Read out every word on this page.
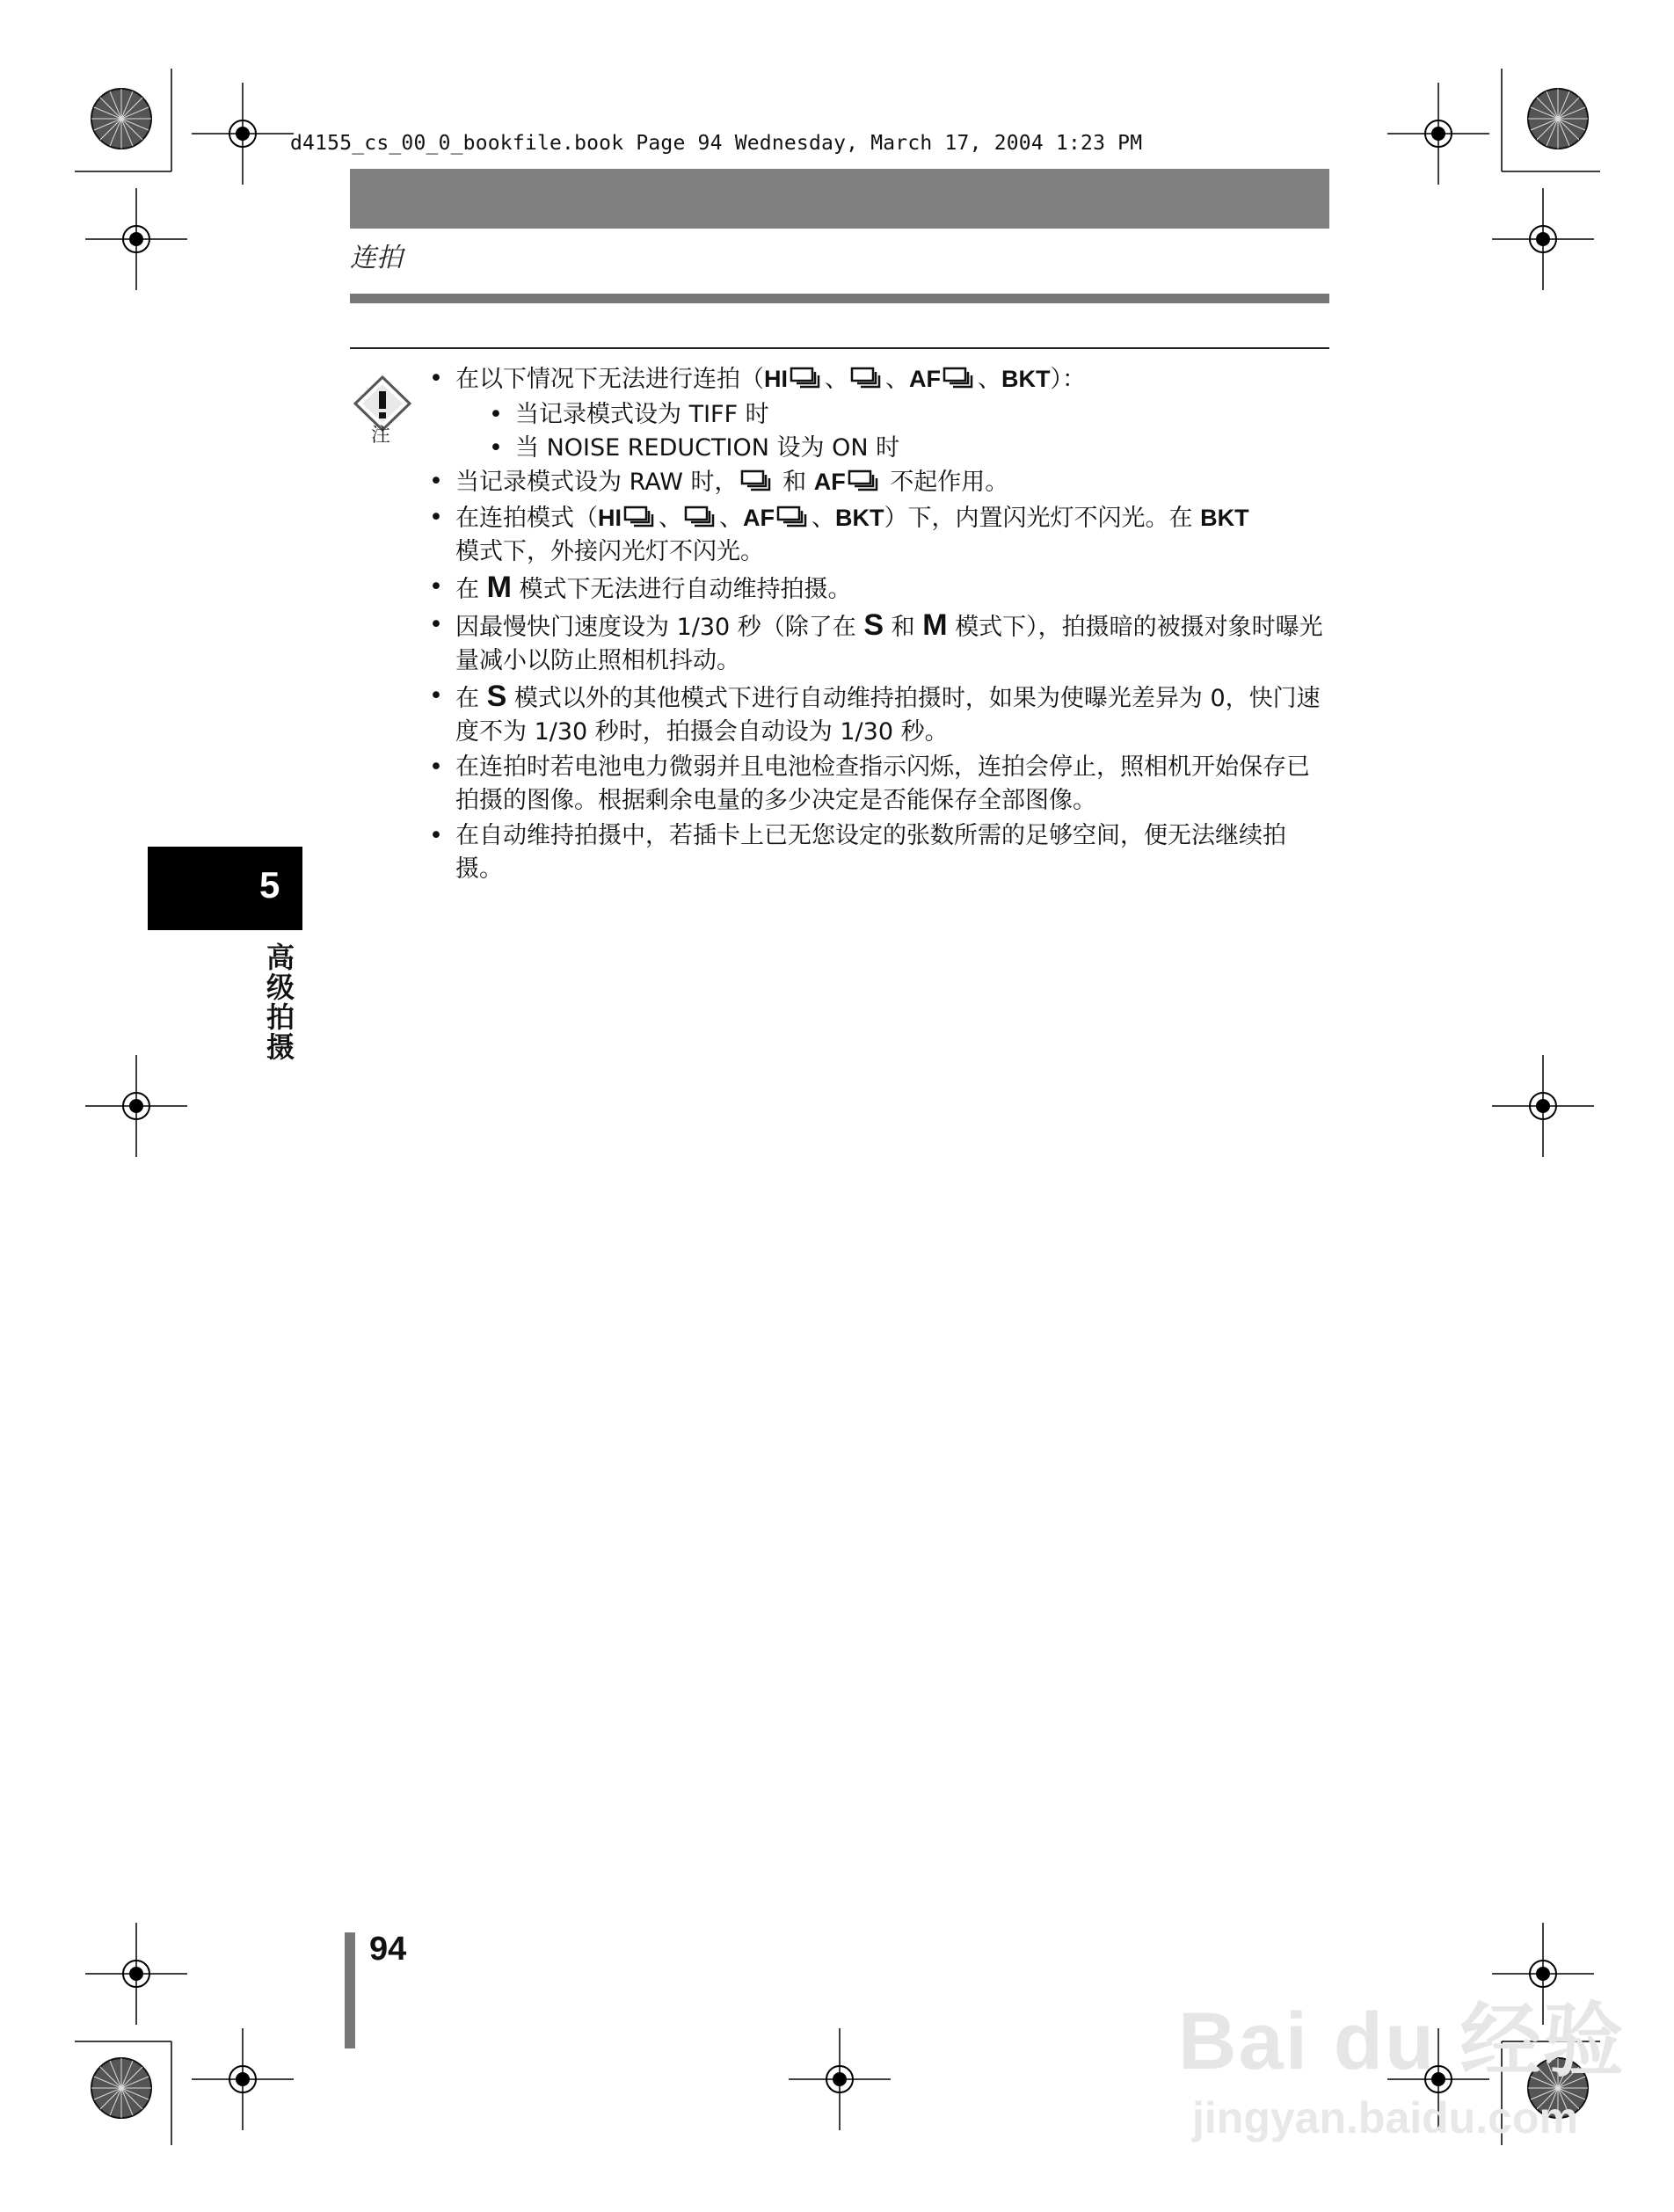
d4155_cs_00_0_bookfile.book Page 94 Wednesday, March 17, 2004 1:23 PM
连拍
注
• 在以下情况下无法进行连拍（HI 、 、AF 、BKT）：
• 当记录模式设为 TIFF 时
• 当 NOISE REDUCTION 设为 ON 时
• 当记录模式设为 RAW 时， 和 AF 不起作用。
• 在连拍模式（HI 、 、AF 、BKT）下，内置闪光灯不闪光。在 BKT
模式下，外接闪光灯不闪光。
• 在 M 模式下无法进行自动维持拍摄。
• 因最慢快门速度设为 1/30 秒（除了在 S 和 M 模式下），拍摄暗的被摄对象时曝光量减小以防止照相机抖动。
• 在 S 模式以外的其他模式下进行自动维持拍摄时，如果为使曝光差异为 0，快门速度不为 1/30 秒时，拍摄会自动设为 1/30 秒。
• 在连拍时若电池电力微弱并且电池检查指示闪烁，连拍会停止，照相机开始保存已拍摄的图像。根据剩余电量的多少决定是否能保存全部图像。
• 在自动维持拍摄中，若插卡上已无您设定的张数所需的足够空间，便无法继续拍摄。
5
高级拍摄
94
Bai du 经验
jingyan.baidu.com
